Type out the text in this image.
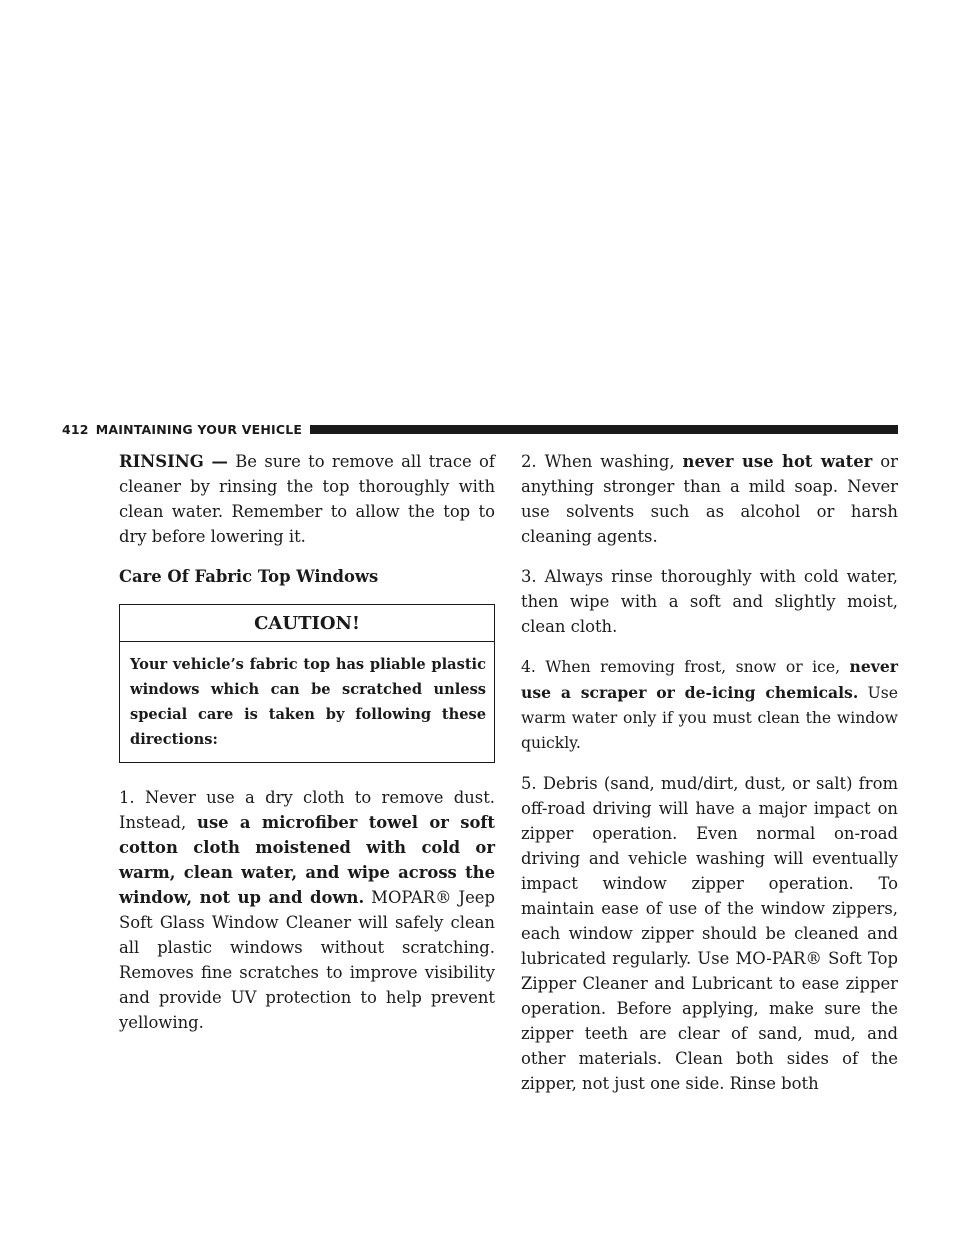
412 MAINTAINING YOUR VEHICLE

RINSING — Be sure to remove all trace of cleaner by rinsing the top thoroughly with clean water. Remember to allow the top to dry before lowering it.

Care Of Fabric Top Windows
CAUTION!
Your vehicle’s fabric top has pliable plastic windows which can be scratched unless special care is taken by following these directions:

1. Never use a dry cloth to remove dust. Instead, use a microfiber towel or soft cotton cloth moistened with cold or warm, clean water, and wipe across the window, not up and down. MOPAR® Jeep Soft Glass Window Cleaner will safely clean all plastic windows without scratching. Removes fine scratches to improve visibility and provide UV protection to help prevent yellowing.

2. When washing, never use hot water or anything stronger than a mild soap. Never use solvents such as alcohol or harsh cleaning agents.

3. Always rinse thoroughly with cold water, then wipe with a soft and slightly moist, clean cloth.

4. When removing frost, snow or ice, never use a scraper or de-icing chemicals. Use warm water only if you must clean the window quickly.

5. Debris (sand, mud/dirt, dust, or salt) from off-road driving will have a major impact on zipper operation. Even normal on-road driving and vehicle washing will eventually impact window zipper operation. To maintain ease of use of the window zippers, each window zipper should be cleaned and lubricated regularly. Use MO-PAR® Soft Top Zipper Cleaner and Lubricant to ease zipper operation. Before applying, make sure the zipper teeth are clear of sand, mud, and other materials. Clean both sides of the zipper, not just one side. Rinse both
